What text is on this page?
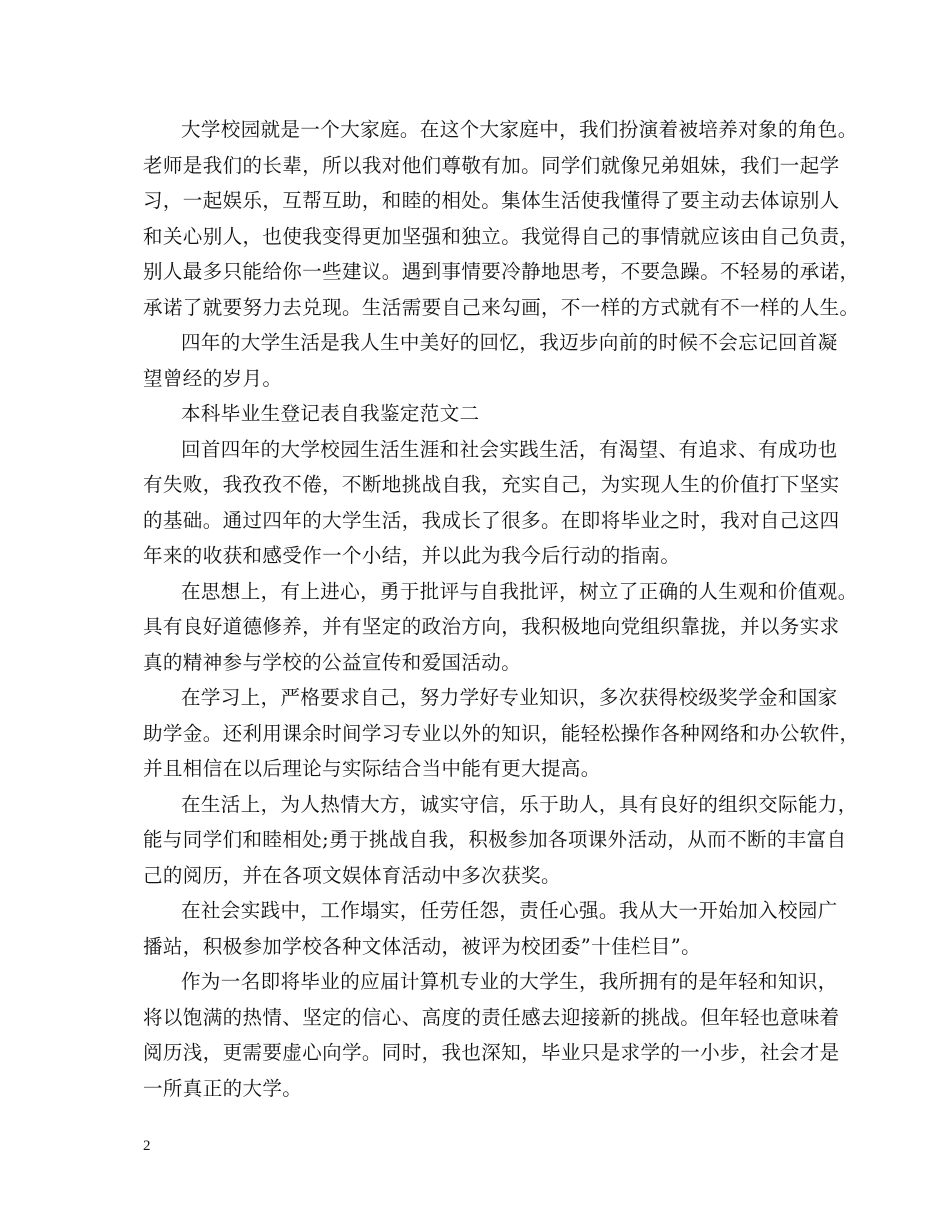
大学校园就是一个大家庭。在这个大家庭中，我们扮演着被培养对象的角色。
老师是我们的长辈，所以我对他们尊敬有加。同学们就像兄弟姐妹，我们一起学
习，一起娱乐，互帮互助，和睦的相处。集体生活使我懂得了要主动去体谅别人
和关心别人，也使我变得更加坚强和独立。我觉得自己的事情就应该由自己负责，
别人最多只能给你一些建议。遇到事情要冷静地思考，不要急躁。不轻易的承诺，
承诺了就要努力去兑现。生活需要自己来勾画，不一样的方式就有不一样的人生。
四年的大学生活是我人生中美好的回忆，我迈步向前的时候不会忘记回首凝
望曾经的岁月。
本科毕业生登记表自我鉴定范文二
回首四年的大学校园生活生涯和社会实践生活，有渴望、有追求、有成功也
有失败，我孜孜不倦，不断地挑战自我，充实自己，为实现人生的价值打下坚实
的基础。通过四年的大学生活，我成长了很多。在即将毕业之时，我对自己这四
年来的收获和感受作一个小结，并以此为我今后行动的指南。
在思想上，有上进心，勇于批评与自我批评，树立了正确的人生观和价值观。
具有良好道德修养，并有坚定的政治方向，我积极地向党组织靠拢，并以务实求
真的精神参与学校的公益宣传和爱国活动。
在学习上，严格要求自己，努力学好专业知识，多次获得校级奖学金和国家
助学金。还利用课余时间学习专业以外的知识，能轻松操作各种网络和办公软件，
并且相信在以后理论与实际结合当中能有更大提高。
在生活上，为人热情大方，诚实守信，乐于助人，具有良好的组织交际能力，
能与同学们和睦相处;勇于挑战自我，积极参加各项课外活动，从而不断的丰富自
己的阅历，并在各项文娱体育活动中多次获奖。
在社会实践中，工作塌实，任劳任怨，责任心强。我从大一开始加入校园广
播站，积极参加学校各种文体活动，被评为校团委”十佳栏目”。
作为一名即将毕业的应届计算机专业的大学生，我所拥有的是年轻和知识，
将以饱满的热情、坚定的信心、高度的责任感去迎接新的挑战。但年轻也意味着
阅历浅，更需要虚心向学。同时，我也深知，毕业只是求学的一小步，社会才是
一所真正的大学。
2
